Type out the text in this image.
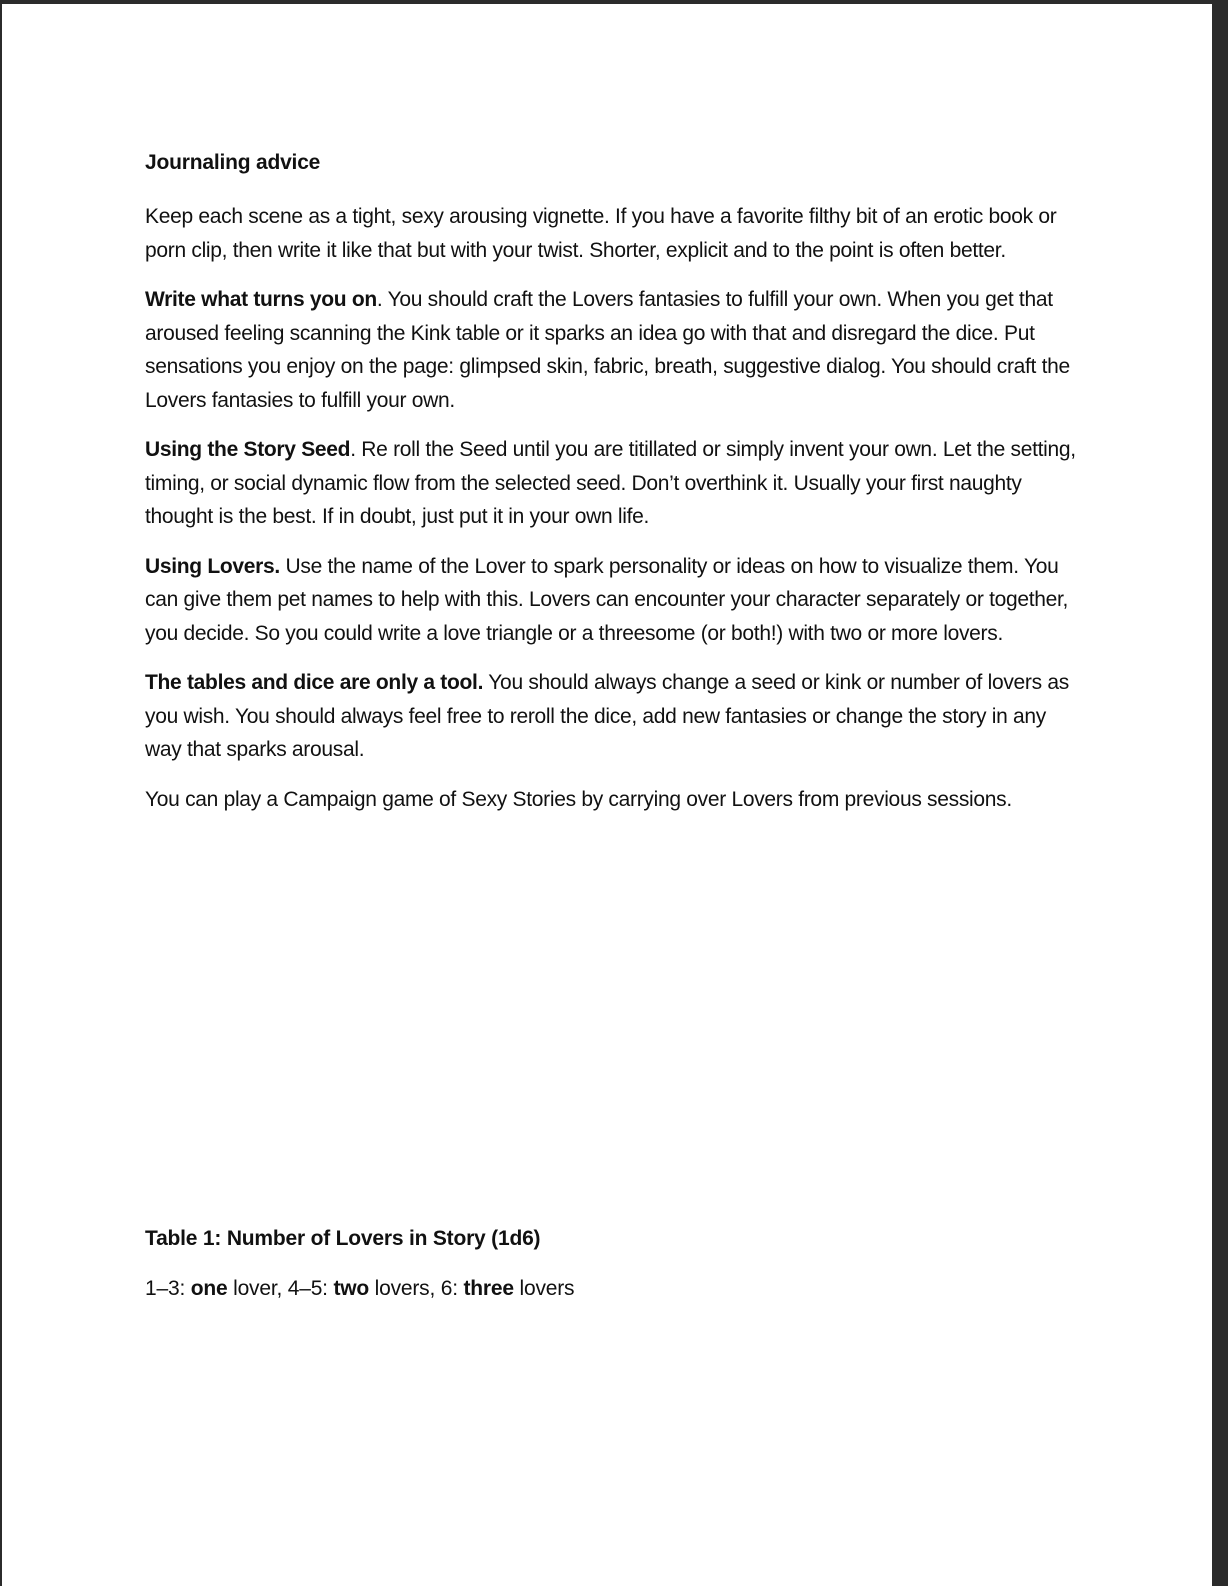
Journaling advice

Keep each scene as a tight, sexy arousing vignette. If you have a favorite filthy bit of an erotic book or porn clip, then write it like that but with your twist. Shorter, explicit and to the point is often better.

Write what turns you on. You should craft the Lovers fantasies to fulfill your own. When you get that aroused feeling scanning the Kink table or it sparks an idea go with that and disregard the dice. Put sensations you enjoy on the page: glimpsed skin, fabric, breath, suggestive dialog. You should craft the Lovers fantasies to fulfill your own.

Using the Story Seed. Re roll the Seed until you are titillated or simply invent your own. Let the setting, timing, or social dynamic flow from the selected seed. Don’t overthink it. Usually your first naughty thought is the best. If in doubt, just put it in your own life.

Using Lovers. Use the name of the Lover to spark personality or ideas on how to visualize them. You can give them pet names to help with this. Lovers can encounter your character separately or together, you decide. So you could write a love triangle or a threesome (or both!) with two or more lovers.

The tables and dice are only a tool. You should always change a seed or kink or number of lovers as you wish. You should always feel free to reroll the dice, add new fantasies or change the story in any way that sparks arousal.

You can play a Campaign game of Sexy Stories by carrying over Lovers from previous sessions.

Table 1: Number of Lovers in Story (1d6)

1–3: one lover, 4–5: two lovers, 6: three lovers
